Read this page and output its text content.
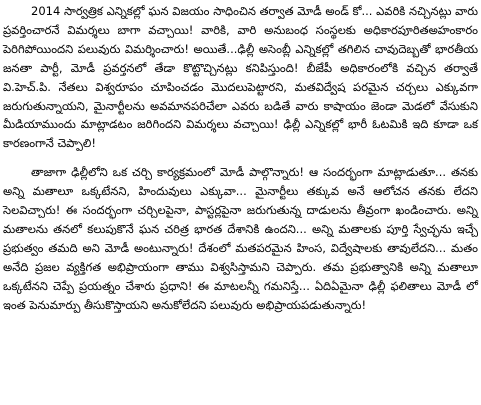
2014 సార్వత్రిక ఎన్నికల్లో ఘన విజయం సాధించిన తర్వాత మోడీ అండ్ కో... ఎవరికి నచ్చినట్లు వారు ప్రవర్తించారనే విమర్శలు బాగా వచ్చాయి! వారికి, వారి అనుబంధ సంస్థలకు అధికారపూరితఅహంకారం పెరిగిపోయిందని పలువురు విమర్శించారు! అయితే...ఢిల్లీ అసెంబ్లీ ఎన్నికల్లో తగిలిన చావుదెబ్బతో భారతీయ జనతా పార్టీ, మోడీ ప్రవర్తనలో తేడా కొట్టొచ్చినట్లు కనిపిస్తుంది! బీజేపీ అధికారంలోకి వచ్చిన తర్వాతే వి.హెచ్.పి. నేతలు విశ్వరూపం చూపించడం మొదలుపెట్టారని, మతవిద్వేష పరమైన చర్చలు ఎక్కువగా జరుగుతున్నాయని, మైనార్టీలను అవమానపరిచేలా ఎవరు బడితే వారు కాషాయం జెండా మెడలో వేసుకుని మీడియాముందు మాట్లాడటం జరిగిందని విమర్శలు వచ్చాయి! ఢిల్లీ ఎన్నికల్లో భారీ ఓటమికి ఇది కూడా ఒక కారణంగానే చెప్పాలి!

తాజాగా ఢిల్లీలోని ఒక చర్చి కార్యక్రమంలో మోడీ పాల్గొన్నారు! ఆ సందర్భంగా మాట్లాడుతూ... తనకు అన్ని మతాలూ ఒక్కటేనని, హిందువులు ఎక్కువా... మైనార్టీలు తక్కువ అనే ఆలోచన తనకు లేదని సెలవిచ్చారు! ఈ సందర్భంగా చర్చిలపైనా, పాస్టర్లపైనా జరుగుతున్న దాడులను తీవ్రంగా ఖండించారు. అన్ని మతాలను తనలో కలుపుకొనే ఘన చరిత్ర భారత దేశానికి ఉందని... అన్ని మతాలకు పూర్తి స్వేచ్ఛను ఇచ్చే ప్రభుత్వం తమది అని మోడీ అంటున్నారు! దేశంలో మతపరమైన హింస, విద్వేషాలకు తావులేదని... మతం అనేది ప్రజల వ్యక్తిగత అభిప్రాయంగా తాము విశ్వసిస్తామని చెప్పారు. తమ ప్రభుత్వానికి అన్ని మతాలూ ఒక్కటేనని చెప్పే ప్రయత్నం చేశారు ప్రధాని! ఈ మాటలన్నీ గమనిస్తే... ఏదిఏమైనా ఢిల్లీ ఫలితాలు మోడీ లో ఇంత పెనుమార్పు తీసుకొస్తాయని అనుకోలేదని పలువురు అభిప్రాయపడుతున్నారు!
